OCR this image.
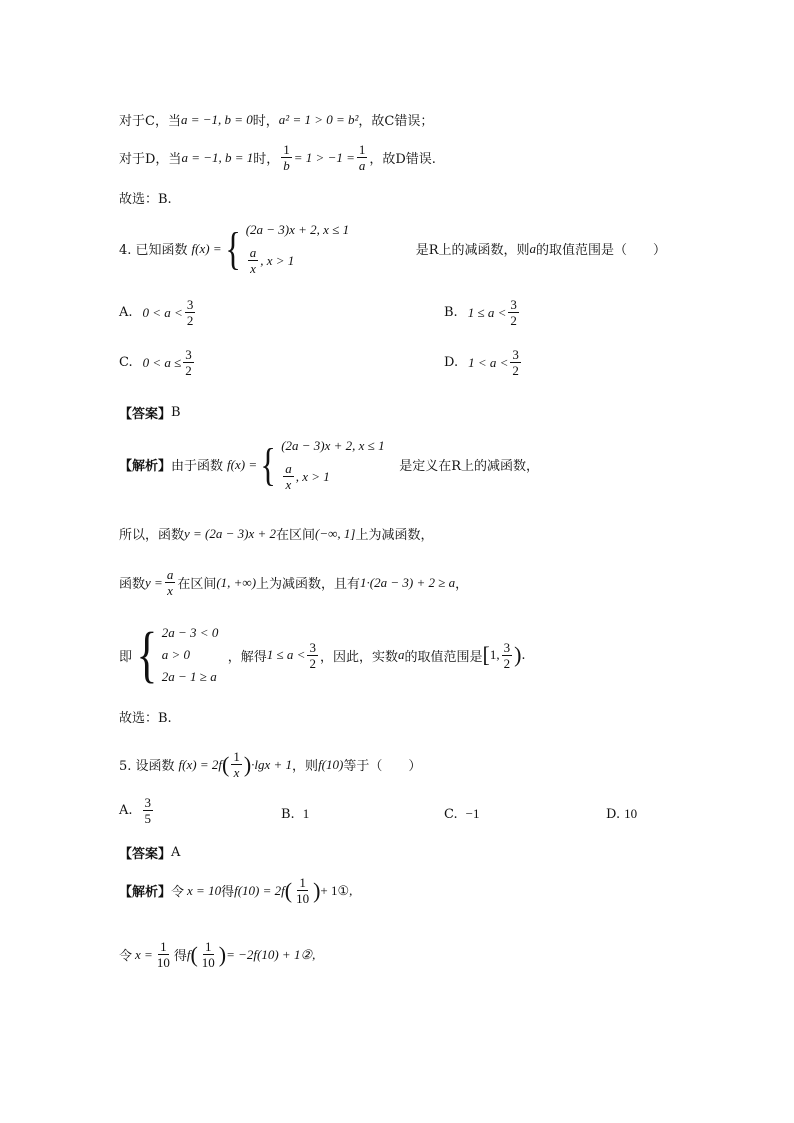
对于C，当 a = −1, b = 0 时， a² = 1 > 0 = b² ，故C错误；
对于D，当 a = −1, b = 1 时， $\frac{1}{b} = 1 > -1 = \frac{1}{a}$ ，故D错误.
故选：B.
4. 已知函数 f(x) = { (2a − 3)x + 2, x ≤ 1
$\frac{a}{x}$ , x > 1
是R上的减函数，则 a 的取值范围是（　　）
A. $0 < a < \frac{3}{2}$	B. $1 \le a < \frac{3}{2}$
C. $0 < a \le \frac{3}{2}$	D. $1 < a < \frac{3}{2}$
【答案】 B
【解析】 由于函数 f(x) = { (2a − 3)x + 2, x ≤ 1
$\frac{a}{x}$ , x > 1
是定义在R上的减函数，
所以，函数 y = (2a − 3)x + 2 在区间 (−∞, 1] 上为减函数，
函数 $y = \frac{a}{x}$ 在区间 (1, +∞) 上为减函数，且有 1·(2a − 3) + 2 ≥ a ，
即 { 2a − 3 < 0
a > 0
2a − 1 ≥ a
，解得 $1 \le a < \frac{3}{2}$ ，因此，实数 a 的取值范围是 [ 1, $\frac{3}{2}$ ) .
故选：B.
5. 设函数 f(x) = 2f ( $\frac{1}{x}$ ) ·lgx + 1 ，则 f(10) 等于（　　）
A. $\frac{3}{5}$	B. 1	C. −1	D. 10
【答案】 A
【解析】 令 x = 10 得 f(10) = 2f ( $\frac{1}{10}$ ) + 1①,
令 $x = \frac{1}{10}$ 得 f ( $\frac{1}{10}$ ) = −2f(10) + 1②,
